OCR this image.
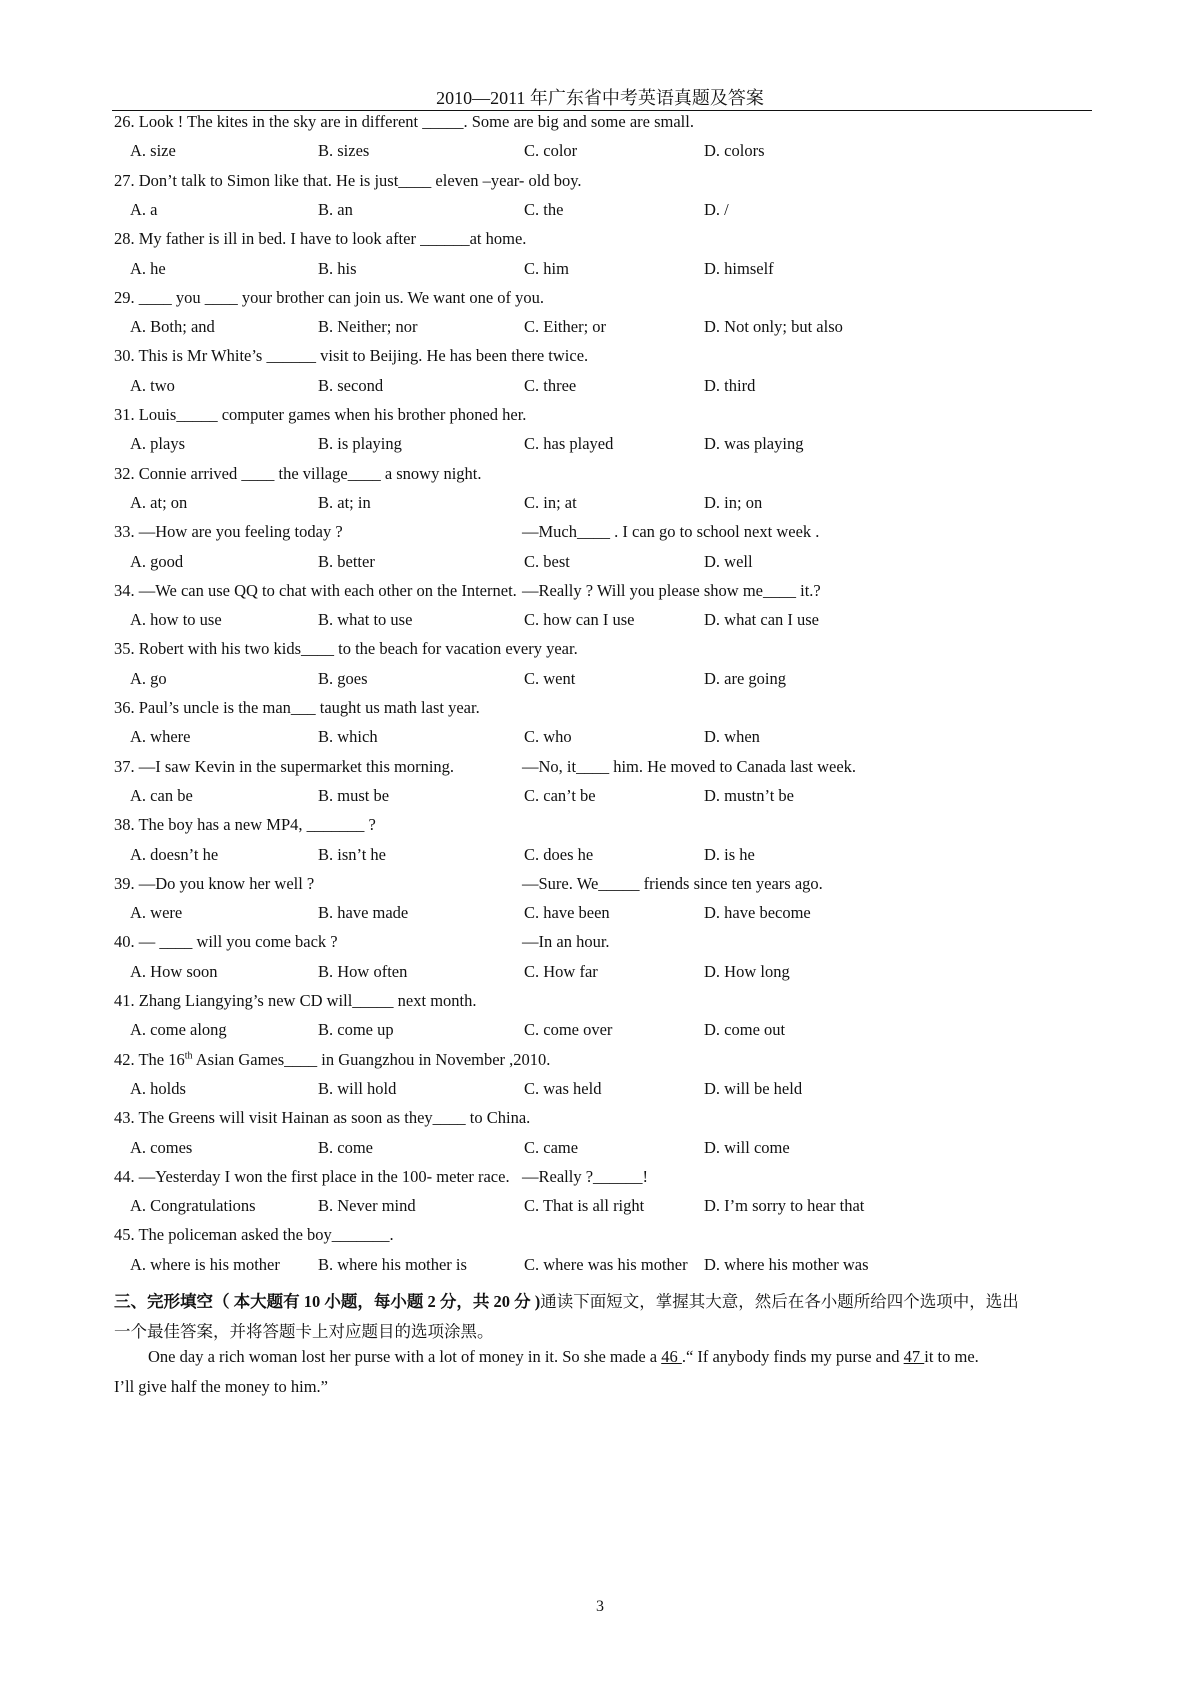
2010—2011 年广东省中考英语真题及答案
26. Look ! The kites in the sky are in different _____. Some are big and some are small.
A. size	B. sizes	C. color	D. colors
27. Don’t talk to Simon like that. He is just____ eleven –year- old boy.
A. a	B. an	C. the	D. /
28. My father is ill in bed. I have to look after ______at home.
A. he	B. his	C. him	D. himself
29. ____ you ____ your brother can join us. We want one of you.
A. Both; and	B. Neither; nor	C. Either; or	D. Not only; but also
30. This is Mr White’s ______ visit to Beijing. He has been there twice.
A. two	B. second	C. three	D. third
31. Louis_____ computer games when his brother phoned her.
A. plays	B. is playing	C. has played	D. was playing
32. Connie arrived ____ the village____ a snowy night.
A. at; on	B. at; in	C. in; at	D. in; on
33. —How are you feeling today ?	—Much____ . I can go to school next week .
A. good	B. better	C. best	D. well
34. —We can use QQ to chat with each other on the Internet. —Really ? Will you please show me____ it.?
A. how to use	B. what to use	C. how can I use	D. what can I use
35. Robert with his two kids____ to the beach for vacation every year.
A. go	B. goes	C. went	D. are going
36. Paul’s uncle is the man___ taught us math last year.
A. where	B. which	C. who	D. when
37. —I saw Kevin in the supermarket this morning.	—No, it____ him. He moved to Canada last week.
A. can be	B. must be	C. can’t be	D. mustn’t be
38. The boy has a new MP4, _______ ?
A. doesn’t he	B. isn’t he	C. does he	D. is he
39. —Do you know her well ?	—Sure. We_____ friends since ten years ago.
A. were	B. have made	C. have been	D. have become
40. — ____ will you come back ?	—In an hour.
A. How soon	B. How often	C. How far	D. How long
41. Zhang Liangying’s new CD will_____ next month.
A. come along	B. come up	C. come over	D. come out
42. The 16th Asian Games____ in Guangzhou in November ,2010.
A. holds	B. will hold	C. was held	D. will be held
43. The Greens will visit Hainan as soon as they____ to China.
A. comes	B. come	C. came	D. will come
44. —Yesterday I won the first place in the 100- meter race. —Really ?______!
A. Congratulations	B. Never mind	C. That is all right	D. I’m sorry to hear that
45. The policeman asked the boy_______.
A. where is his mother B. where his mother is	C. where was his mother D. where his mother was
三、完形填空（ 本大题有 10 小题，每小题 2 分，共 20 分 )通读下面短文，掌握其大意，然后在各小题所给四个选项中，选出
一个最佳答案，并将答题卡上对应题目的选项涂黑。
One day a rich woman lost her purse with a lot of money in it. So she made a 46 .“ If anybody finds my purse and 47 it to me.
I’ll give half the money to him.”
3
